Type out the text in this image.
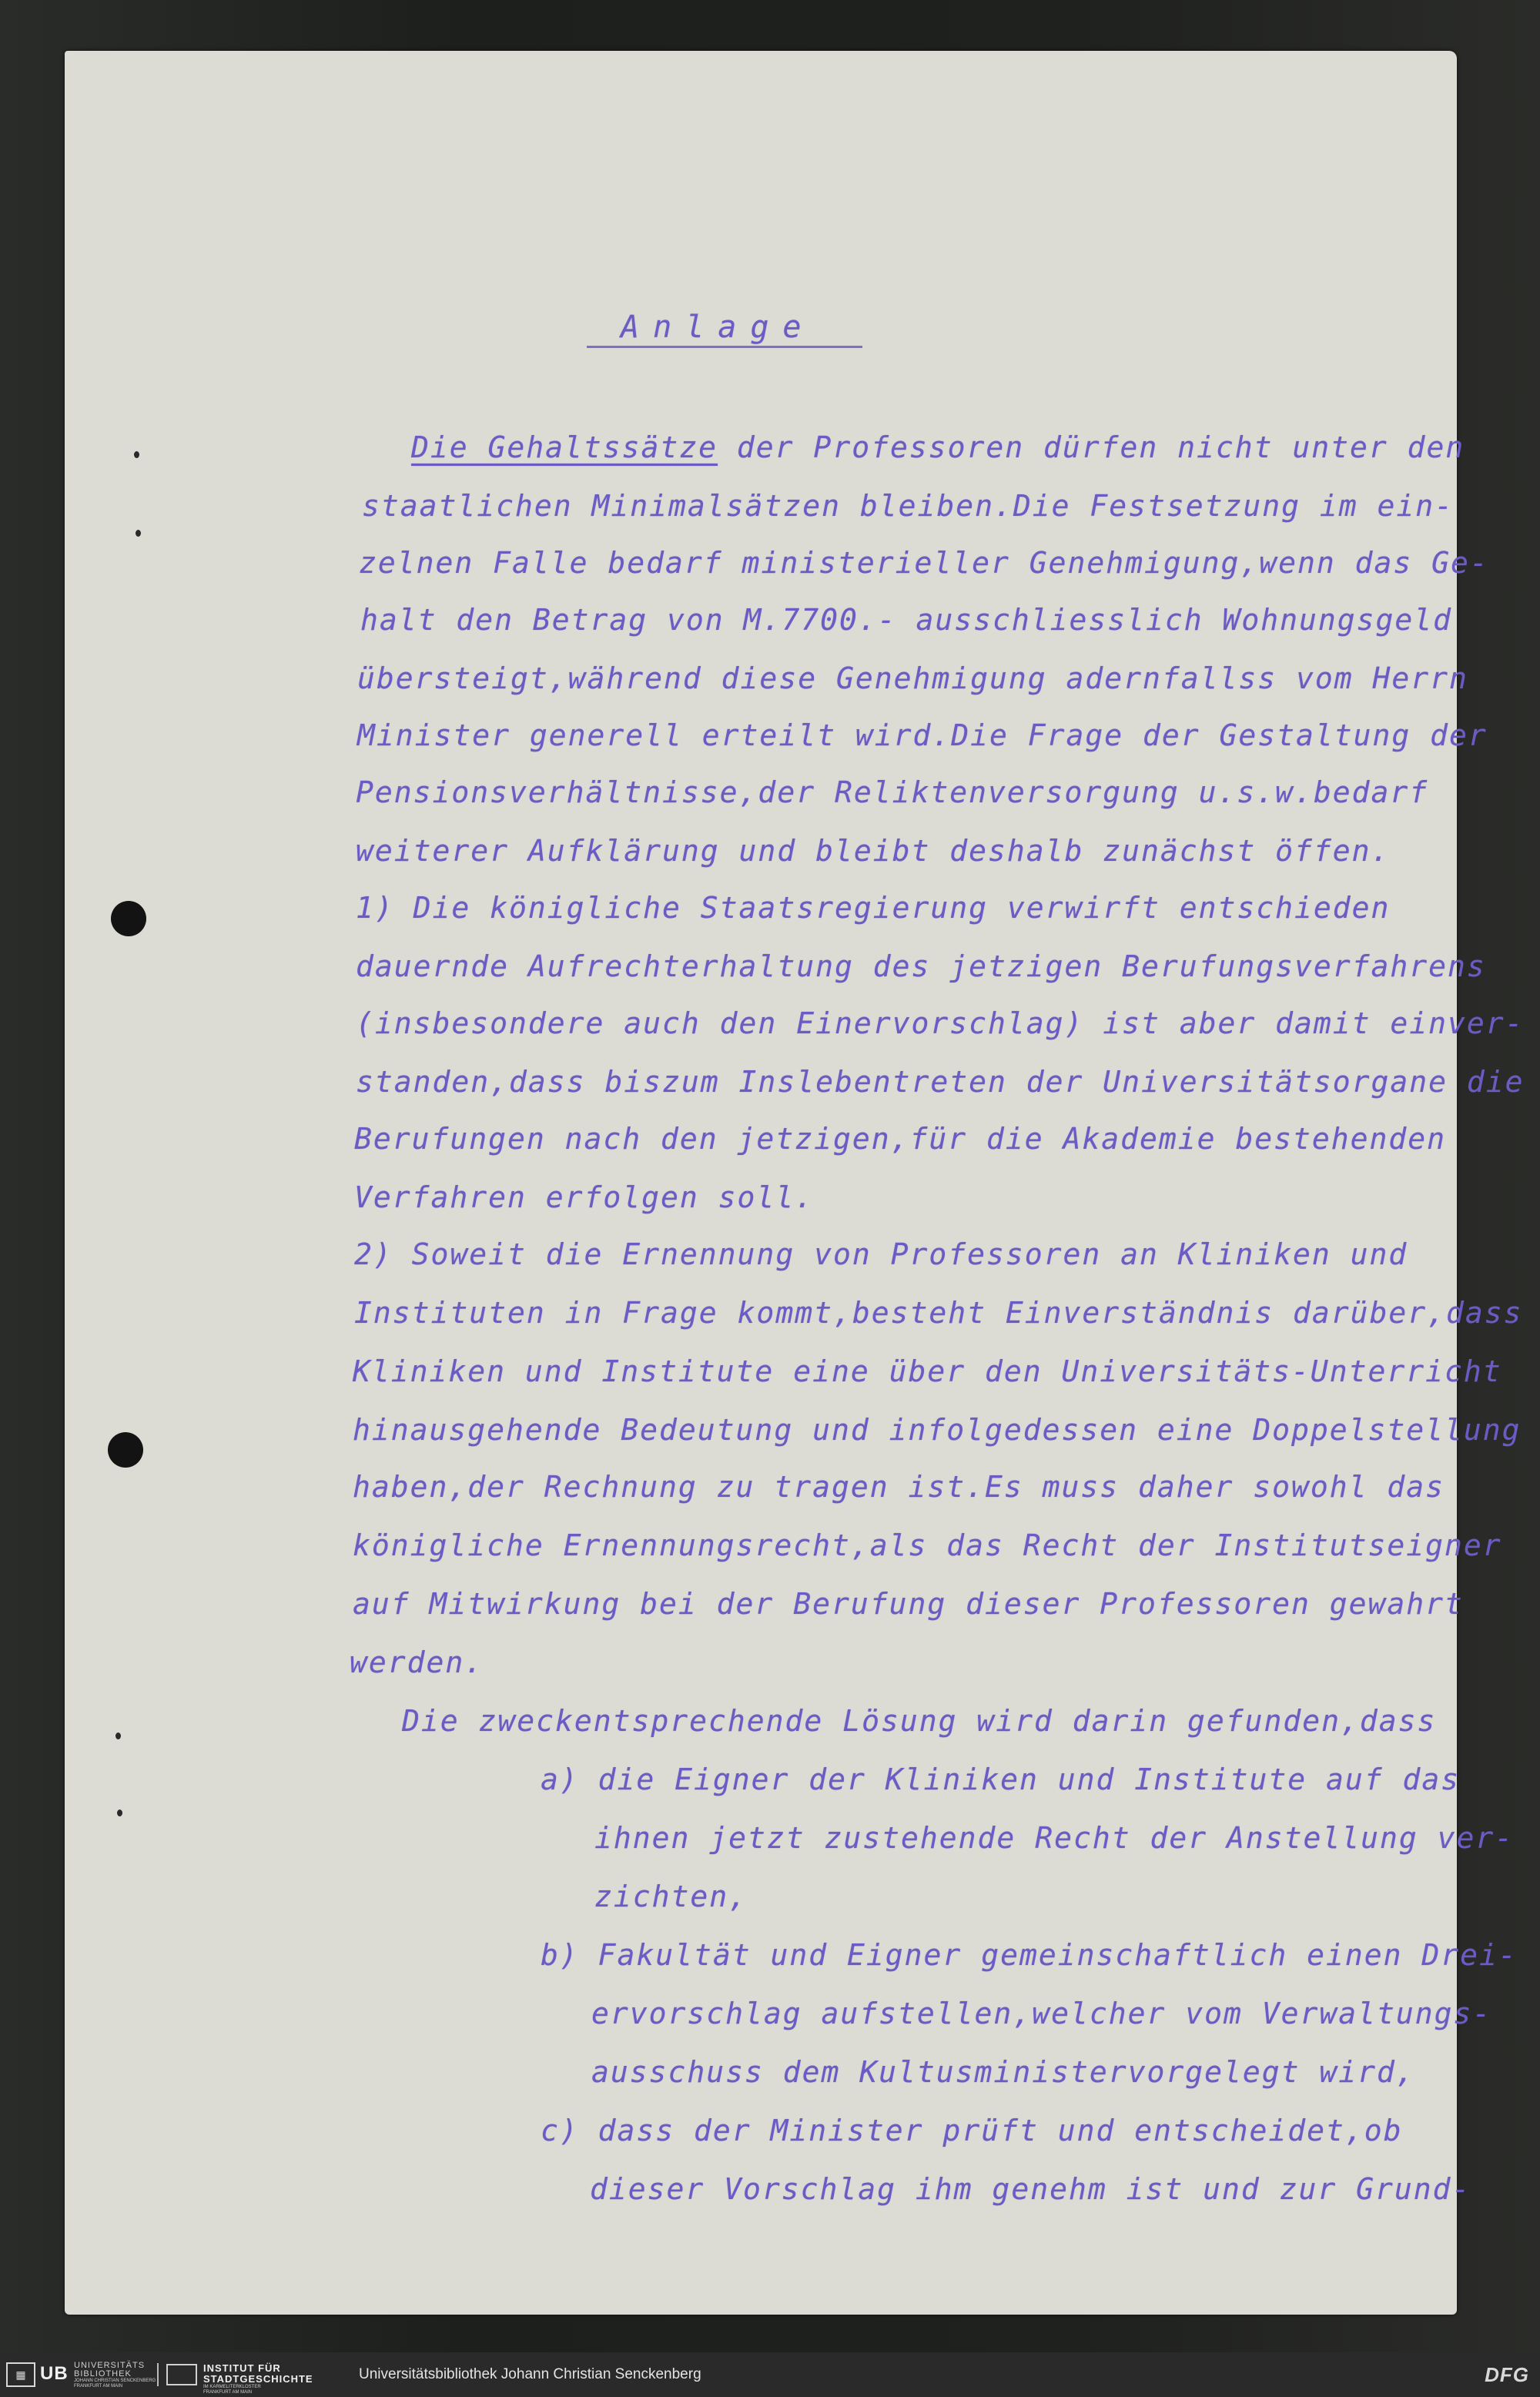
Anlage

Die Gehaltssätze der Professoren dürfen nicht unter den

staatlichen Minimalsätzen bleiben.Die Festsetzung im ein-

zelnen Falle bedarf ministerieller Genehmigung,wenn das Ge-

halt den Betrag von M.7700.- ausschliesslich Wohnungsgeld

übersteigt,während diese Genehmigung adernfallss vom Herrn

Minister generell erteilt wird.Die Frage der Gestaltung der

Pensionsverhältnisse,der Reliktenversorgung u.s.w.bedarf

weiterer Aufklärung und bleibt deshalb zunächst öffen.

1) Die königliche Staatsregierung verwirft entschieden

dauernde Aufrechterhaltung des jetzigen Berufungsverfahrens

(insbesondere auch den Einervorschlag) ist aber damit einver-

standen,dass biszum Inslebentreten der Universitätsorgane die

Berufungen nach den jetzigen,für die Akademie bestehenden

Verfahren erfolgen soll.

2) Soweit die Ernennung von Professoren an Kliniken und

Instituten in Frage kommt,besteht Einverständnis darüber,dass

Kliniken und Institute eine über den Universitäts-Unterricht

hinausgehende Bedeutung und infolgedessen eine Doppelstellung

haben,der Rechnung zu tragen ist.Es muss daher sowohl das

königliche Ernennungsrecht,als das Recht der Institutseigner

auf Mitwirkung bei der Berufung dieser Professoren gewahrt

werden.

Die zweckentsprechende Lösung wird darin gefunden,dass

a) die Eigner der Kliniken und Institute auf das

ihnen jetzt zustehende Recht der Anstellung ver-

zichten,

b) Fakultät und Eigner gemeinschaftlich einen Drei-

ervorschlag aufstellen,welcher vom Verwaltungs-

ausschuss dem Kultusministervorgelegt wird,

c) dass der Minister prüft und entscheidet,ob

dieser Vorschlag ihm genehm ist und zur Grund-

▦ UB UNIVERSITÄTS
BIBLIOTHEK
JOHANN CHRISTIAN SENCKENBERG
FRANKFURT AM MAIN
INSTITUT FÜR
STADTGESCHICHTE
IM KARMELITERKLOSTER
FRANKFURT AM MAIN
Universitätsbibliothek Johann Christian Senckenberg	DFG
